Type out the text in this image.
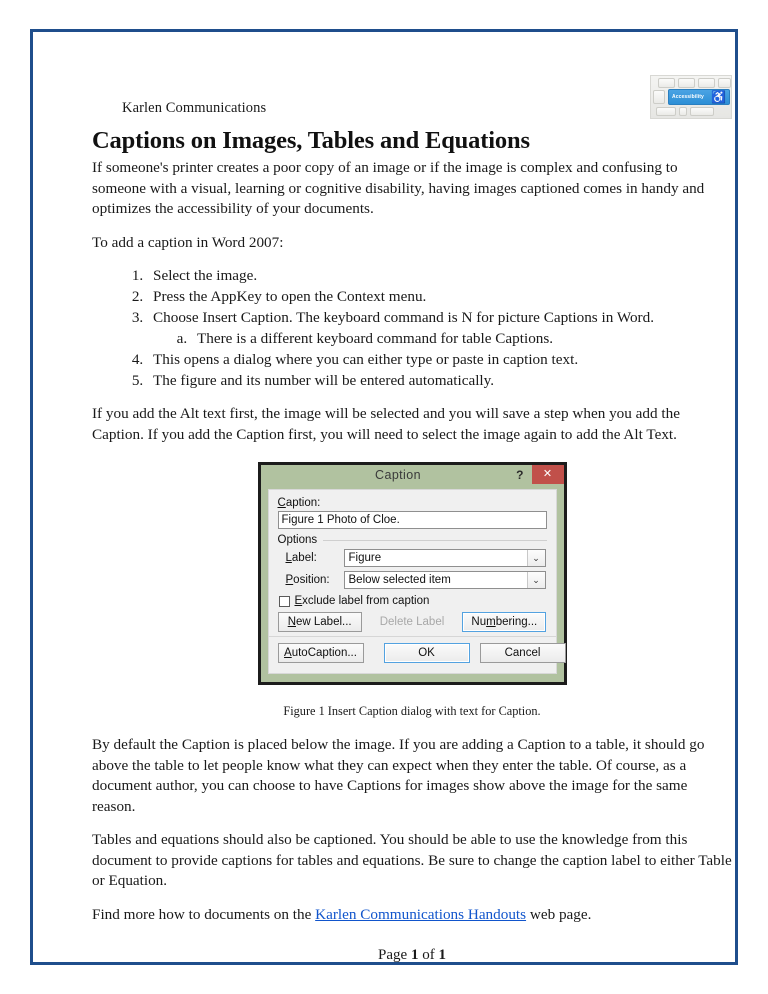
Karlen Communications
Accessibility ♿
Captions on Images, Tables and Equations

If someone's printer creates a poor copy of an image or if the image is complex and confusing to someone with a visual, learning or cognitive disability, having images captioned comes in handy and optimizes the accessibility of your documents.

To add a caption in Word 2007:

1. Select the image.
2. Press the AppKey to open the Context menu.
3. Choose Insert Caption. The keyboard command is N for picture Captions in Word.
a. There is a different keyboard command for table Captions.
4. This opens a dialog where you can either type or paste in caption text.
5. The figure and its number will be entered automatically.

If you add the Alt text first, the image will be selected and you will save a step when you add the Caption. If you add the Caption first, you will need to select the image again to add the Alt Text.

Caption	?	✕
Caption:
Figure 1 Photo of Cloe.
Options
Label:	Figure	⌄
Position:	Below selected item	⌄
Exclude label from caption
New Label...	Delete Label	Numbering...
AutoCaption...	OK	Cancel
Figure 1 Insert Caption dialog with text for Caption.

By default the Caption is placed below the image. If you are adding a Caption to a table, it should go above the table to let people know what they can expect when they enter the table. Of course, as a document author, you can choose to have Captions for images show above the image for the same reason.

Tables and equations should also be captioned. You should be able to use the knowledge from this document to provide captions for tables and equations. Be sure to change the caption label to either Table or Equation.

Find more how to documents on the Karlen Communications Handouts web page.

Page 1 of 1
